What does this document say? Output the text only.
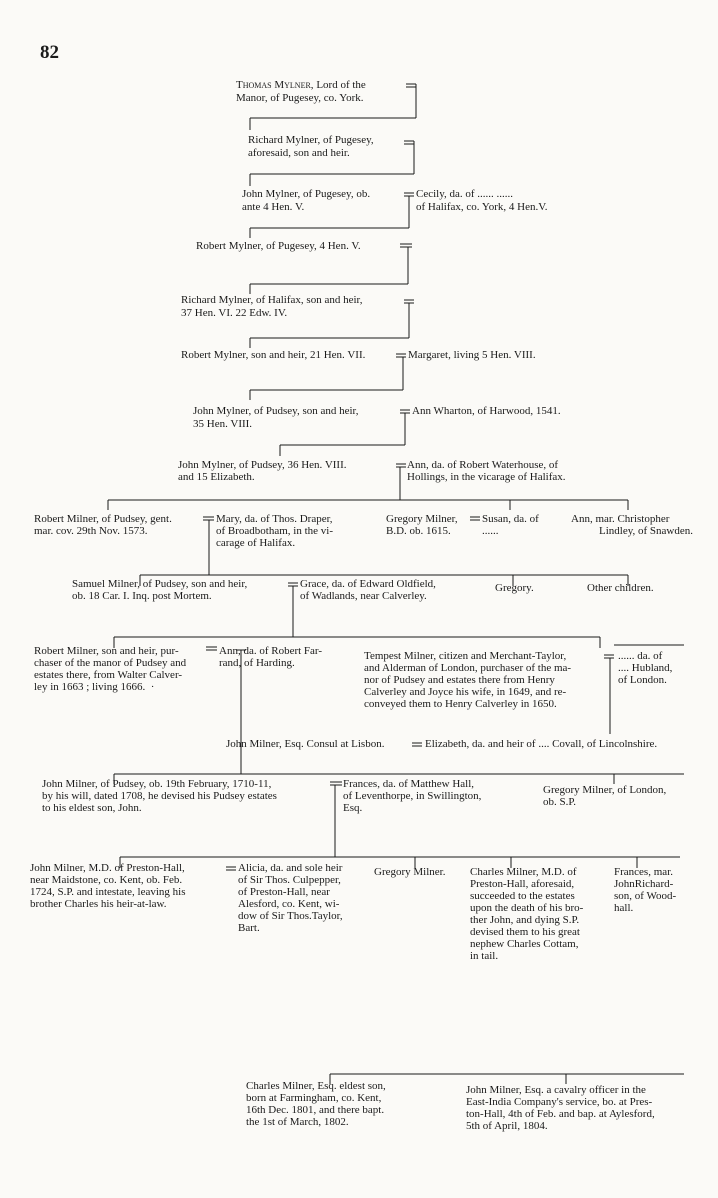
82
Thomas Mylner, Lord of the
Manor, of Pugesey, co. York.
Richard Mylner, of Pugesey,
aforesaid, son and heir.
John Mylner, of Pugesey, ob.
ante 4 Hen. V.
Cecily, da. of ...... ......
of Halifax, co. York, 4 Hen.V.
Robert Mylner, of Pugesey, 4 Hen. V.
Richard Mylner, of Halifax, son and heir,
37 Hen. VI. 22 Edw. IV.
Robert Mylner, son and heir, 21 Hen. VII.	Margaret, living 5 Hen. VIII.
John Mylner, of Pudsey, son and heir,
35 Hen. VIII.
Ann Wharton, of Harwood, 1541.
John Mylner, of Pudsey, 36 Hen. VIII.
and 15 Elizabeth.
Ann, da. of Robert Waterhouse, of
Hollings, in the vicarage of Halifax.
Robert Milner, of Pudsey, gent.
mar. cov. 29th Nov. 1573.
Mary, da. of Thos. Draper,
of Broadbotham, in the vi-
carage of Halifax.
Gregory Milner,
B.D. ob. 1615.
Susan, da. of
......
Ann, mar. Christopher
Lindley, of Snawden.
Samuel Milner, of Pudsey, son and heir,
ob. 18 Car. I. Inq. post Mortem.
Grace, da. of Edward Oldfield,
of Wadlands, near Calverley.
Gregory.	Other children.
Robert Milner, son and heir, pur-
chaser of the manor of Pudsey and
estates there, from Walter Calver-
ley in 1663 ; living 1666.  ·
Ann, da. of Robert Far-
rand, of Harding.
Tempest Milner, citizen and Merchant-Taylor,
and Alderman of London, purchaser of the ma-
nor of Pudsey and estates there from Henry
Calverley and Joyce his wife, in 1649, and re-
conveyed them to Henry Calverley in 1650.
...... da. of
.... Hubland,
of London.
John Milner, Esq. Consul at Lisbon.	Elizabeth, da. and heir of .... Covall, of Lincolnshire.
John Milner, of Pudsey, ob. 19th February, 1710-11,
by his will, dated 1708, he devised his Pudsey estates
to his eldest son, John.
Frances, da. of Matthew Hall,
of Leventhorpe, in Swillington,
Esq.
Gregory Milner, of London,
ob. S.P.
John Milner, M.D. of Preston-Hall,
near Maidstone, co. Kent, ob. Feb.
1724, S.P. and intestate, leaving his
brother Charles his heir-at-law.
Alicia, da. and sole heir
of Sir Thos. Culpepper,
of Preston-Hall, near
Alesford, co. Kent, wi-
dow of Sir Thos.Taylor,
Bart.
Gregory Milner. Charles Milner, M.D. of
Preston-Hall, aforesaid,
succeeded to the estates
upon the death of his bro-
ther John, and dying S.P.
devised them to his great
nephew Charles Cottam,
in tail.
Frances, mar.
JohnRichard-
son, of Wood-
hall.
Charles Milner, Esq. eldest son,
born at Farmingham, co. Kent,
16th Dec. 1801, and there bapt.
the 1st of March, 1802.
John Milner, Esq. a cavalry officer in the
East-India Company's service, bo. at Pres-
ton-Hall, 4th of Feb. and bap. at Aylesford,
5th of April, 1804.
